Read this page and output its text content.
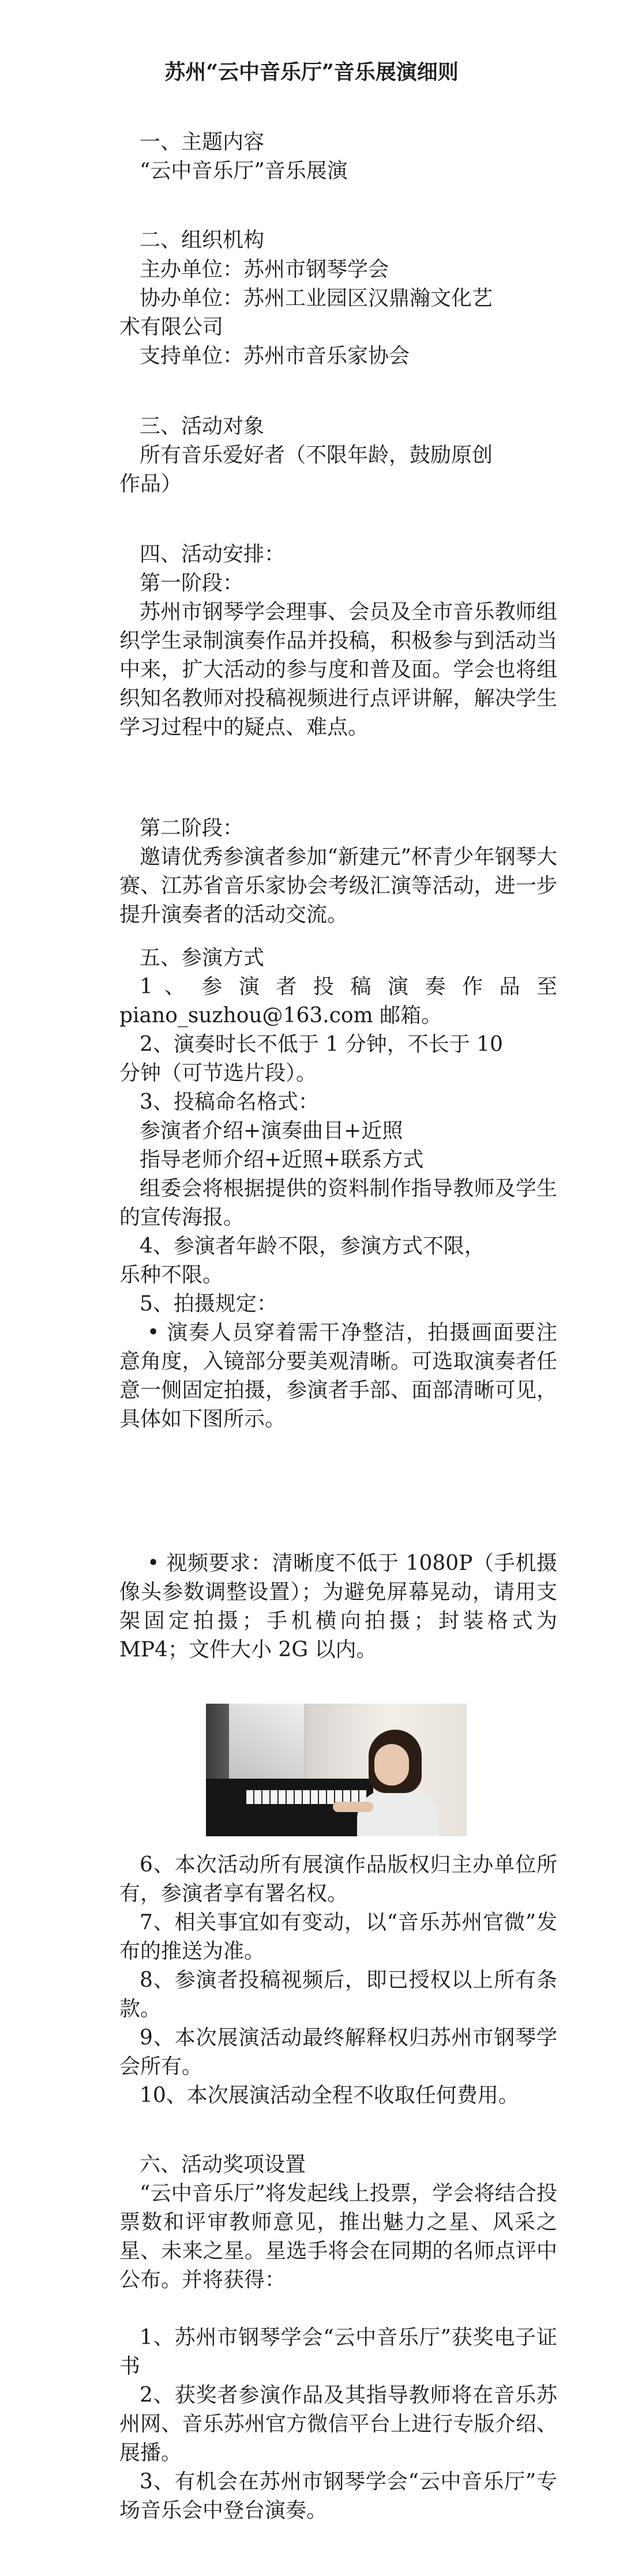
苏州“云中音乐厅”音乐展演细则
一、主题内容
“云中音乐厅”音乐展演
二、组织机构
主办单位：苏州市钢琴学会
协办单位：苏州工业园区汉鼎瀚文化艺
术有限公司
支持单位：苏州市音乐家协会
三、活动对象
所有音乐爱好者（不限年龄，鼓励原创
作品）
四、活动安排：
第一阶段：
苏州市钢琴学会理事、会员及全市音乐教师组织学生录制演奏作品并投稿，积极参与到活动当中来，扩大活动的参与度和普及面。学会也将组织知名教师对投稿视频进行点评讲解，解决学生学习过程中的疑点、难点。
第二阶段：
邀请优秀参演者参加“新建元”杯青少年钢琴大赛、江苏省音乐家协会考级汇演等活动，进一步提升演奏者的活动交流。
五、参演方式
1 、 参 演 者 投 稿 演 奏 作 品 至
piano_suzhou@163.com 邮箱。
2、演奏时长不低于 1 分钟，不长于 10
分钟（可节选片段）。
3、投稿命名格式：
参演者介绍+演奏曲目+近照
指导老师介绍+近照+联系方式
组委会将根据提供的资料制作指导教师及学生的宣传海报。
4、参演者年龄不限，参演方式不限，
乐种不限。
5、拍摄规定：
• 演奏人员穿着需干净整洁，拍摄画面要注意角度，入镜部分要美观清晰。可选取演奏者任意一侧固定拍摄，参演者手部、面部清晰可见，具体如下图所示。
• 视频要求：清晰度不低于 1080P（手机摄像头参数调整设置）；为避免屏幕晃动，请用支架固定拍摄；手机横向拍摄；封装格式为MP4；文件大小 2G 以内。
6、本次活动所有展演作品版权归主办单位所有，参演者享有署名权。
7、相关事宜如有变动，以“音乐苏州官微”发布的推送为准。
8、参演者投稿视频后，即已授权以上所有条款。
9、本次展演活动最终解释权归苏州市钢琴学会所有。
10、本次展演活动全程不收取任何费用。
六、活动奖项设置
“云中音乐厅”将发起线上投票，学会将结合投票数和评审教师意见，推出魅力之星、风采之星、未来之星。星选手将会在同期的名师点评中公布。并将获得：
1、苏州市钢琴学会“云中音乐厅”获奖电子证书
2、获奖者参演作品及其指导教师将在音乐苏州网、音乐苏州官方微信平台上进行专版介绍、展播。
3、有机会在苏州市钢琴学会“云中音乐厅”专场音乐会中登台演奏。
